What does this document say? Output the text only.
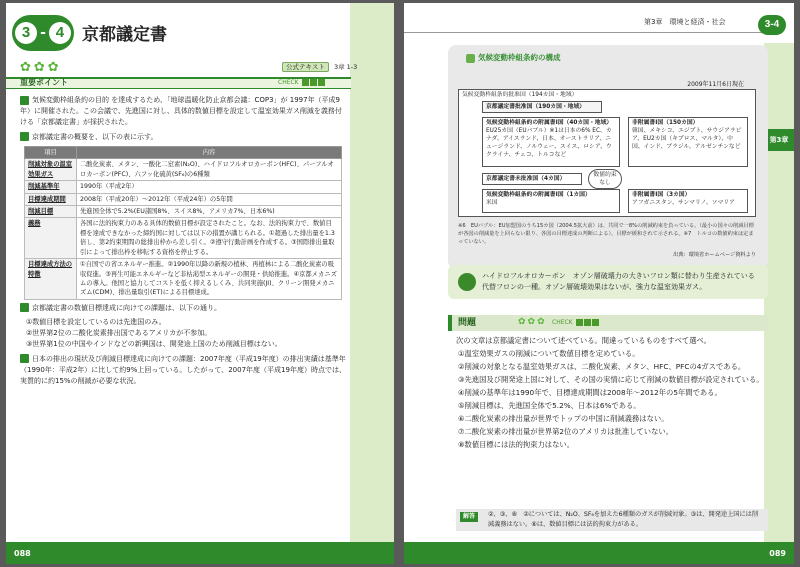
3 - 4	京都議定書
✿✿✿	公式テキスト 3章 1-3
重要ポイント	CHECK
気候変動枠組条約の目的 を達成するため、「地球温暖化防止京都会議：COP3」が 1997年（平成9年）に開催された。この会議で、先進国に対し、具体的数値目標を設定して温室効果ガス削減を義務付ける「京都議定書」が採択された。
京都議定書の概要を、以下の表に示す。
項目	内容
削減対象の温室効果ガス	二酸化炭素、メタン、一酸化二窒素(N₂O)、ハイドロフルオロカーボン(HFC)、パーフルオロカーボン(PFC)、六フッ化硫黄(SF₆)の6種類
削減基準年	1990年（平成2年）
目標達成期間	2008年（平成20年）〜2012年（平成24年）の5年間
削減目標	先進国全体で5.2%(EU諸国8%、スイス8%、アメリカ7%、日本6%)
義務	各国に法的拘束力のある具体的数値目標が設定されたこと。なお、法的拘束力で、数値目標を達成できなかった締約国に対しては以下の措置が講じられる。①超過した排出量を1.3倍し、第2約束期間の総排出枠から差し引く。②遵守行動計画を作成する。③国際排出量取引によって排出枠を移転する資格を停止する。
目標達成方法の特徴	①自国での省エネルギー推進。②1990年以降の新規の植林、再植林による二酸化炭素の吸収促進。③再生可能エネルギーなど非枯渇型エネルギーの開発・供給推進。④京都メカニズムの導入。他国と協力してコストを低く抑えるしくみ、共同実施(JI)、クリーン開発メカニズム(CDM)、排出量取引(ET)による目標達成。
京都議定書の数値目標達成に向けての課題は、以下の通り。
①数値目標を設定しているのは先進国のみ。
②世界第2位の二酸化炭素排出国であるアメリカが不参加。
③世界第1位の中国やインドなどの新興国は、開発途上国のため削減目標はない。
日本の排出の現状及び削減目標達成に向けての課題：2007年度（平成19年度）の排出実績は基準年（1990年：平成2年）に比して約9%上回っている。したがって、2007年度（平成19年度）時点では、実質的に約15%の削減が必要な状況。
088
第3章　環境と経済・社会	3-4
第3章
気候変動枠組条約の構成
2009年11月6日現在
気候変動枠組条約批准国（194カ国・地域）
京都議定書批准国（190カ国・地域）
気候変動枠組条約の附属書Ⅰ国（40カ国・地域）
EU25カ国（EUバブル）※1は日本の6% EC、カナダ、アイスランド、日本、オーストラリア、ニュージランド、ノルウェー、スイス、ロシア、ウクライナ、チェコ、トルコなど
非附属書Ⅰ国（150カ国）
韓国、メキシコ、エジプト、サウジアラビア、EU2カ国（キプロス、マルタ）、中国、インド、ブラジル、アルゼンチンなど
京都議定書未批准国（4カ国）
数値約束なし
気候変動枠組条約の附属書Ⅰ国（1カ国）
米国
非附属書Ⅰ国（3カ国）
アフガニスタン、サンマリノ、ソマリア
※6　EUバブル：EU加盟国のうち15カ国（2004.5拡大前）は、共同で一8%の削減約束を負っている。（最小の国々の削減目標が各国の削減量を上回らない限り、各国の目標達成の判断による）。目標が緩和されて示される。※7　トルコの数値約束は定まっていない。
出典：環境省ホームページ資料より
ハイドロフルオロカーボン　オゾン層破壊力の大きいフロン類に替わり生産されている代替フロンの一種。オゾン層破壊効果はないが、強力な温室効果ガス。
問題	✿✿✿ CHECK
次の文章は京都議定書について述べている。間違っているものをすべて選べ。
①温室効果ガスの削減について数値目標を定めている。
②削減の対象となる温室効果ガスは、二酸化炭素、メタン、HFC、PFCの4ガスである。
③先進国及び開発途上国に対して、その国の実情に応じて削減の数値目標が設定されている。
④削減の基準年は1990年で、目標達成期間は2008年〜2012年の5年間である。
⑤削減目標は、先進国全体で5.2%、日本は6%である。
⑥二酸化炭素の排出量が世界でトップの中国に削減義務はない。
⑦二酸化炭素の排出量が世界第2位のアメリカは批准していない。
⑧数値目標には法的拘束力はない。
解答	②、③、⑧　②については、N₂O、SF₆を加えた6種類のガスが削減対象。③は、開発途上国には削減義務はない。⑧は、数値目標には法的拘束力がある。
089
